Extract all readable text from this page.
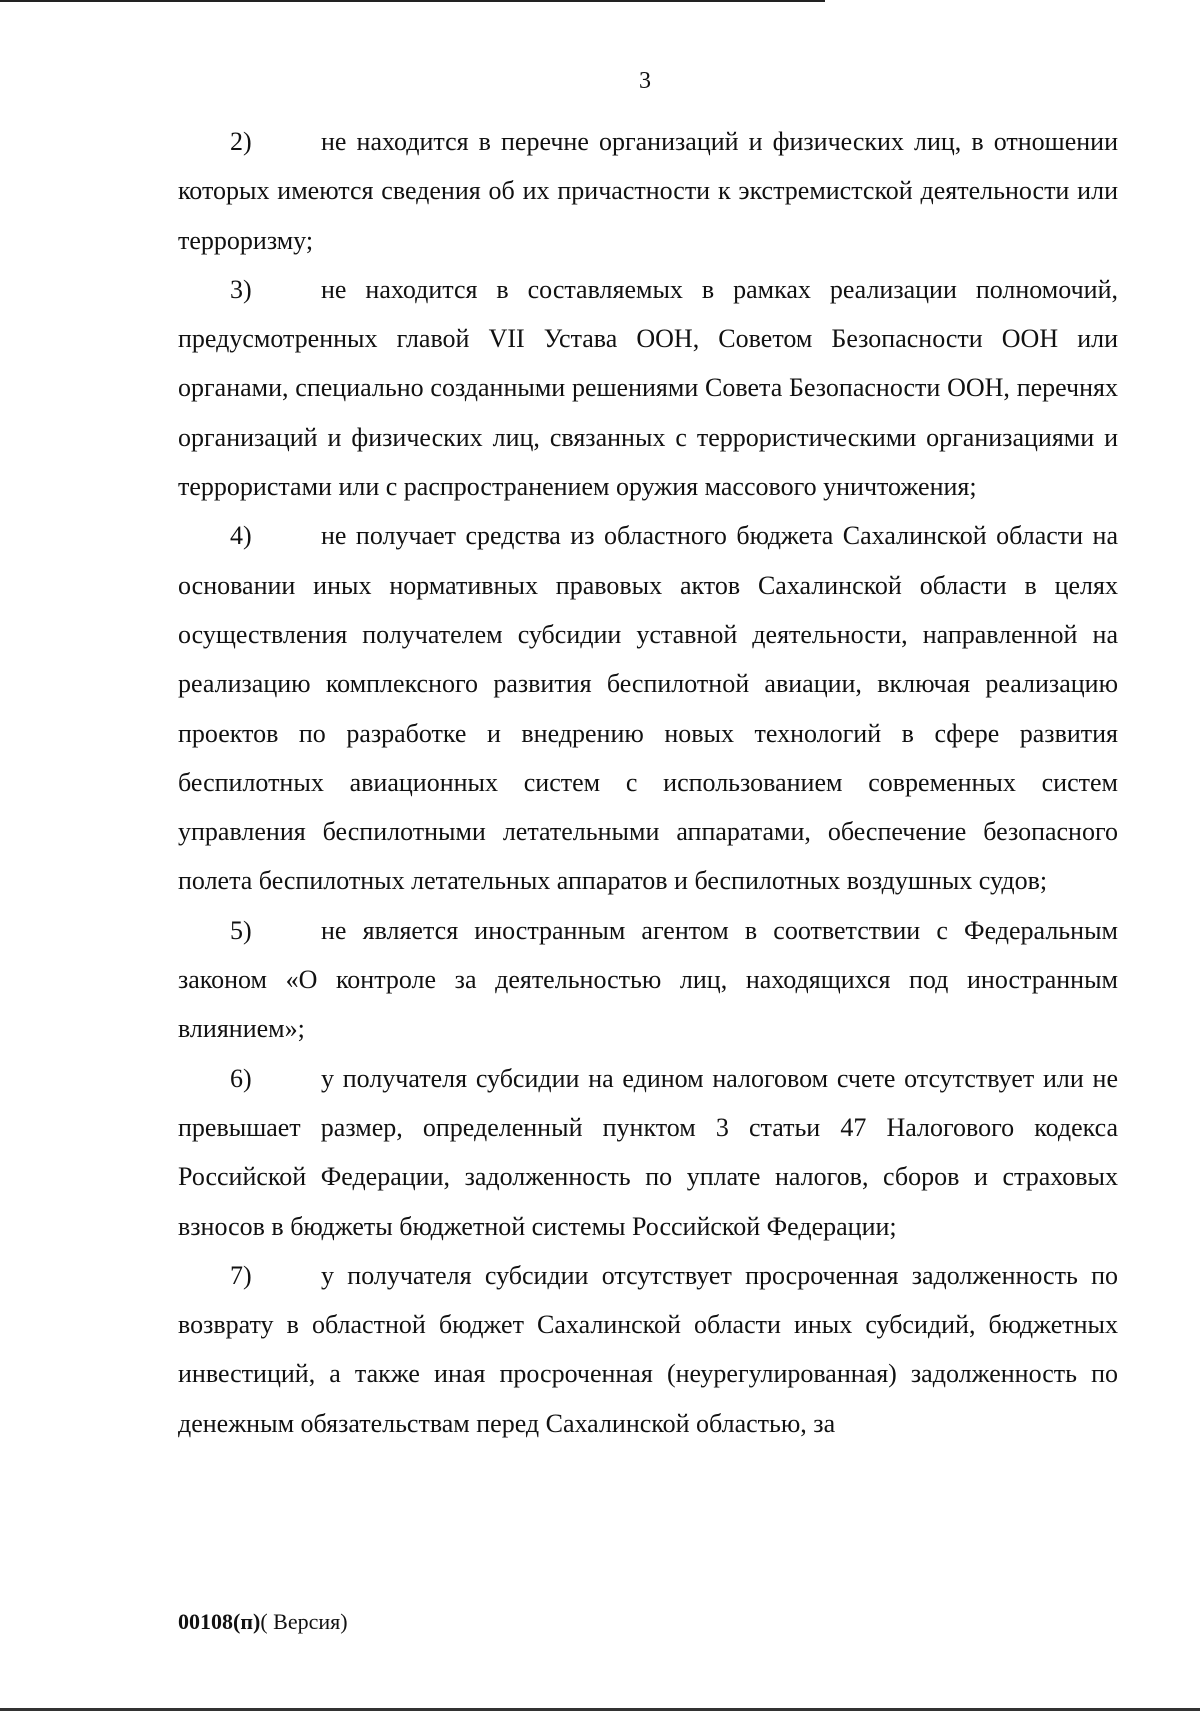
3

2)	не находится в перечне организаций и физических лиц, в отношении которых имеются сведения об их причастности к экстремистской деятельности или терроризму;

3)	не находится в составляемых в рамках реализации полномочий, предусмотренных главой VII Устава ООН, Советом Безопасности ООН или органами, специально созданными решениями Совета Безопасности ООН, перечнях организаций и физических лиц, связанных с террористическими организациями и террористами или с распространением оружия массового уничтожения;

4)	не получает средства из областного бюджета Сахалинской области на основании иных нормативных правовых актов Сахалинской области в целях осуществления получателем субсидии уставной деятельности, направленной на реализацию комплексного развития беспилотной авиации, включая реализацию проектов по разработке и внедрению новых технологий в сфере развития беспилотных авиационных систем с использованием современных систем управления беспилотными летательными аппаратами, обеспечение безопасного полета беспилотных летательных аппаратов и беспилотных воздушных судов;

5)	не является иностранным агентом в соответствии с Федеральным законом «О контроле за деятельностью лиц, находящихся под иностранным влиянием»;

6)	у получателя субсидии на едином налоговом счете отсутствует или не превышает размер, определенный пунктом 3 статьи 47 Налогового кодекса Российской Федерации, задолженность по уплате налогов, сборов и страховых взносов в бюджеты бюджетной системы Российской Федерации;

7)	у получателя субсидии отсутствует просроченная задолженность по возврату в областной бюджет Сахалинской области иных субсидий, бюджетных инвестиций, а также иная просроченная (неурегулированная) задолженность по денежным обязательствам перед Сахалинской областью, за

00108(п)( Версия)
